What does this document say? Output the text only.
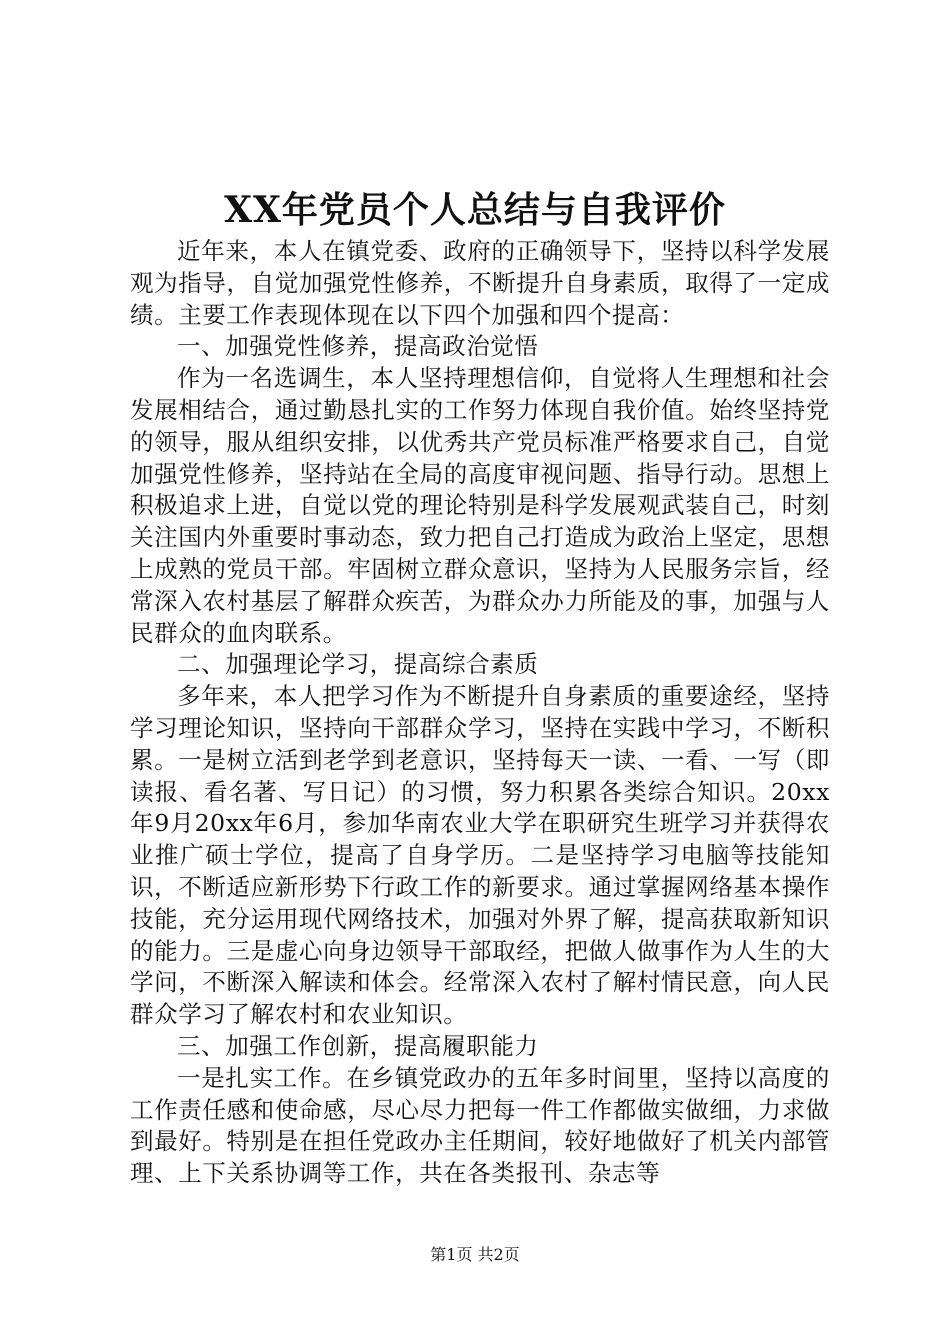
XX年党员个人总结与自我评价

近年来，本人在镇党委、政府的正确领导下，坚持以科学发展观为指导，自觉加强党性修养，不断提升自身素质，取得了一定成绩。主要工作表现体现在以下四个加强和四个提高：

一、加强党性修养，提高政治觉悟

作为一名选调生，本人坚持理想信仰，自觉将人生理想和社会发展相结合，通过勤恳扎实的工作努力体现自我价值。始终坚持党的领导，服从组织安排，以优秀共产党员标准严格要求自己，自觉加强党性修养，坚持站在全局的高度审视问题、指导行动。思想上积极追求上进，自觉以党的理论特别是科学发展观武装自己，时刻关注国内外重要时事动态，致力把自己打造成为政治上坚定，思想上成熟的党员干部。牢固树立群众意识，坚持为人民服务宗旨，经常深入农村基层了解群众疾苦，为群众办力所能及的事，加强与人民群众的血肉联系。

二、加强理论学习，提高综合素质

多年来，本人把学习作为不断提升自身素质的重要途经，坚持学习理论知识，坚持向干部群众学习，坚持在实践中学习，不断积累。一是树立活到老学到老意识，坚持每天一读、一看、一写（即读报、看名著、写日记）的习惯，努力积累各类综合知识。20xx年9月20xx年6月，参加华南农业大学在职研究生班学习并获得农业推广硕士学位，提高了自身学历。二是坚持学习电脑等技能知识，不断适应新形势下行政工作的新要求。通过掌握网络基本操作技能，充分运用现代网络技术，加强对外界了解，提高获取新知识的能力。三是虚心向身边领导干部取经，把做人做事作为人生的大学问，不断深入解读和体会。经常深入农村了解村情民意，向人民群众学习了解农村和农业知识。

三、加强工作创新，提高履职能力

一是扎实工作。在乡镇党政办的五年多时间里，坚持以高度的工作责任感和使命感，尽心尽力把每一件工作都做实做细，力求做到最好。特别是在担任党政办主任期间，较好地做好了机关内部管理、上下关系协调等工作，共在各类报刊、杂志等

第1页 共2页
